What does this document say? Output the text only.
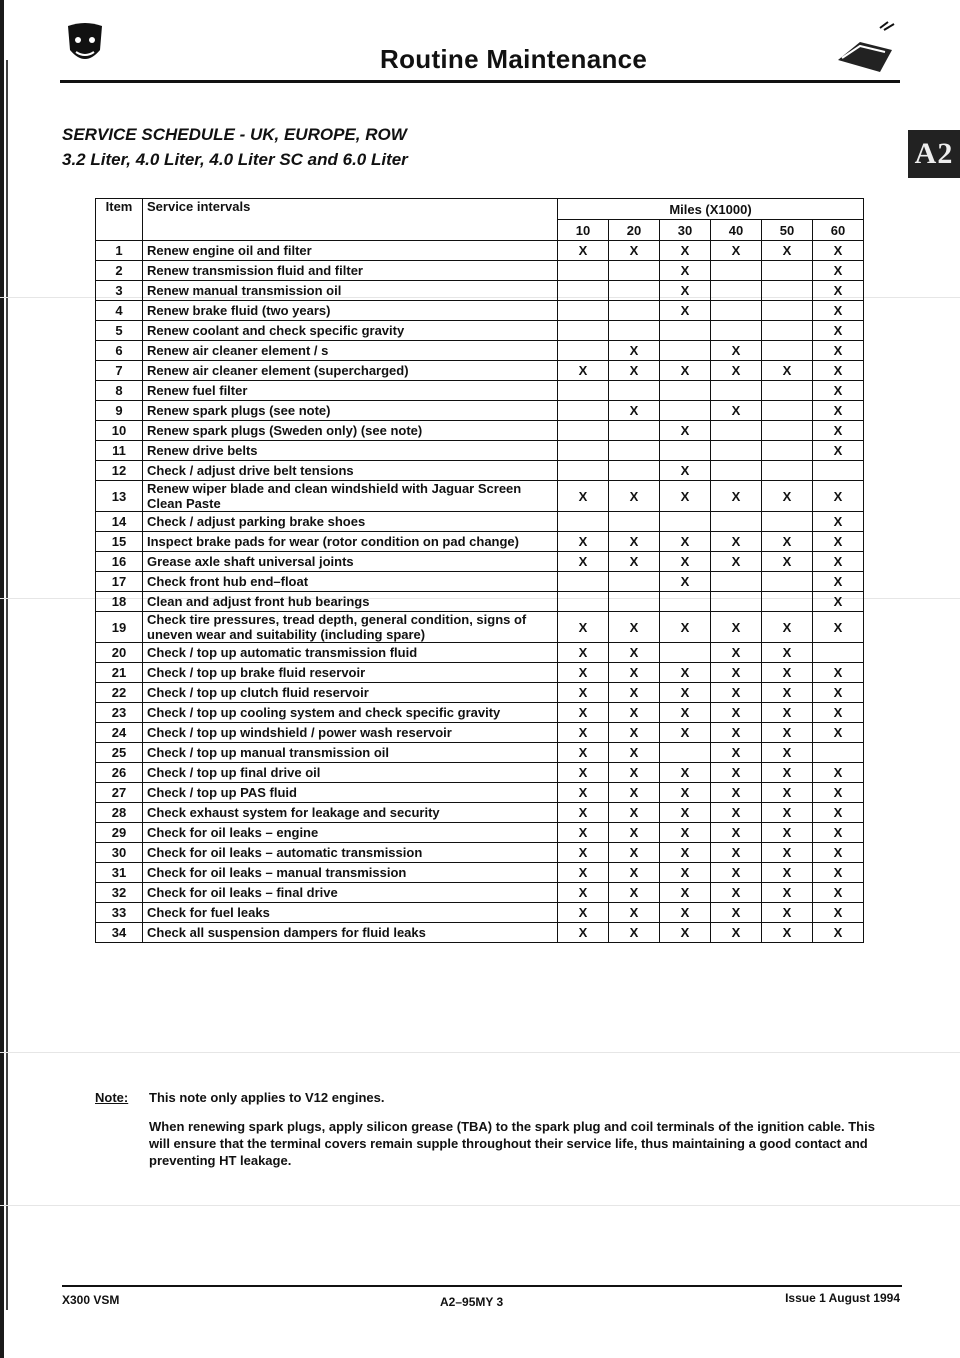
Routine Maintenance
SERVICE SCHEDULE - UK, EUROPE, ROW
3.2 Liter, 4.0 Liter, 4.0 Liter SC and 6.0 Liter	A2
Item	Service intervals	Miles (X1000)					
		10	20	30	40	50	60
1	Renew engine oil and filter	X	X	X	X	X	X
2	Renew transmission fluid and filter			X			X
3	Renew manual transmission oil			X			X
4	Renew brake fluid (two years)			X			X
5	Renew coolant and check specific gravity						X
6	Renew air cleaner element / s		X		X		X
7	Renew air cleaner element (supercharged)	X	X	X	X	X	X
8	Renew fuel filter						X
9	Renew spark plugs (see note)		X		X		X
10	Renew spark plugs (Sweden only) (see note)			X			X
11	Renew drive belts						X
12	Check / adjust drive belt tensions			X			
13	Renew wiper blade and clean windshield with Jaguar Screen Clean Paste	X	X	X	X	X	X
14	Check / adjust parking brake shoes						X
15	Inspect brake pads for wear (rotor condition on pad change)	X	X	X	X	X	X
16	Grease axle shaft universal joints	X	X	X	X	X	X
17	Check front hub end–float			X			X
18	Clean and adjust front hub bearings						X
19	Check tire pressures, tread depth, general condition, signs of uneven wear and suitability (including spare)	X	X	X	X	X	X
20	Check / top up automatic transmission fluid	X	X		X	X	
21	Check / top up brake fluid reservoir	X	X	X	X	X	X
22	Check / top up clutch fluid reservoir	X	X	X	X	X	X
23	Check / top up cooling system and check specific gravity	X	X	X	X	X	X
24	Check / top up windshield / power wash reservoir	X	X	X	X	X	X
25	Check / top up manual transmission oil	X	X		X	X	
26	Check / top up final drive oil	X	X	X	X	X	X
27	Check / top up PAS fluid	X	X	X	X	X	X
28	Check exhaust system for leakage and security	X	X	X	X	X	X
29	Check for oil leaks – engine	X	X	X	X	X	X
30	Check for oil leaks – automatic transmission	X	X	X	X	X	X
31	Check for oil leaks – manual transmission	X	X	X	X	X	X
32	Check for oil leaks – final drive	X	X	X	X	X	X
33	Check for fuel leaks	X	X	X	X	X	X
34	Check all suspension dampers for fluid leaks	X	X	X	X	X	X
Note: This note only applies to V12 engines.
When renewing spark plugs, apply silicon grease (TBA) to the spark plug and coil terminals of the ignition cable. This will ensure that the terminal covers remain supple throughout their service life, thus maintaining a good contact and preventing HT leakage.
X300 VSM	A2–95MY 3	Issue 1 August 1994
